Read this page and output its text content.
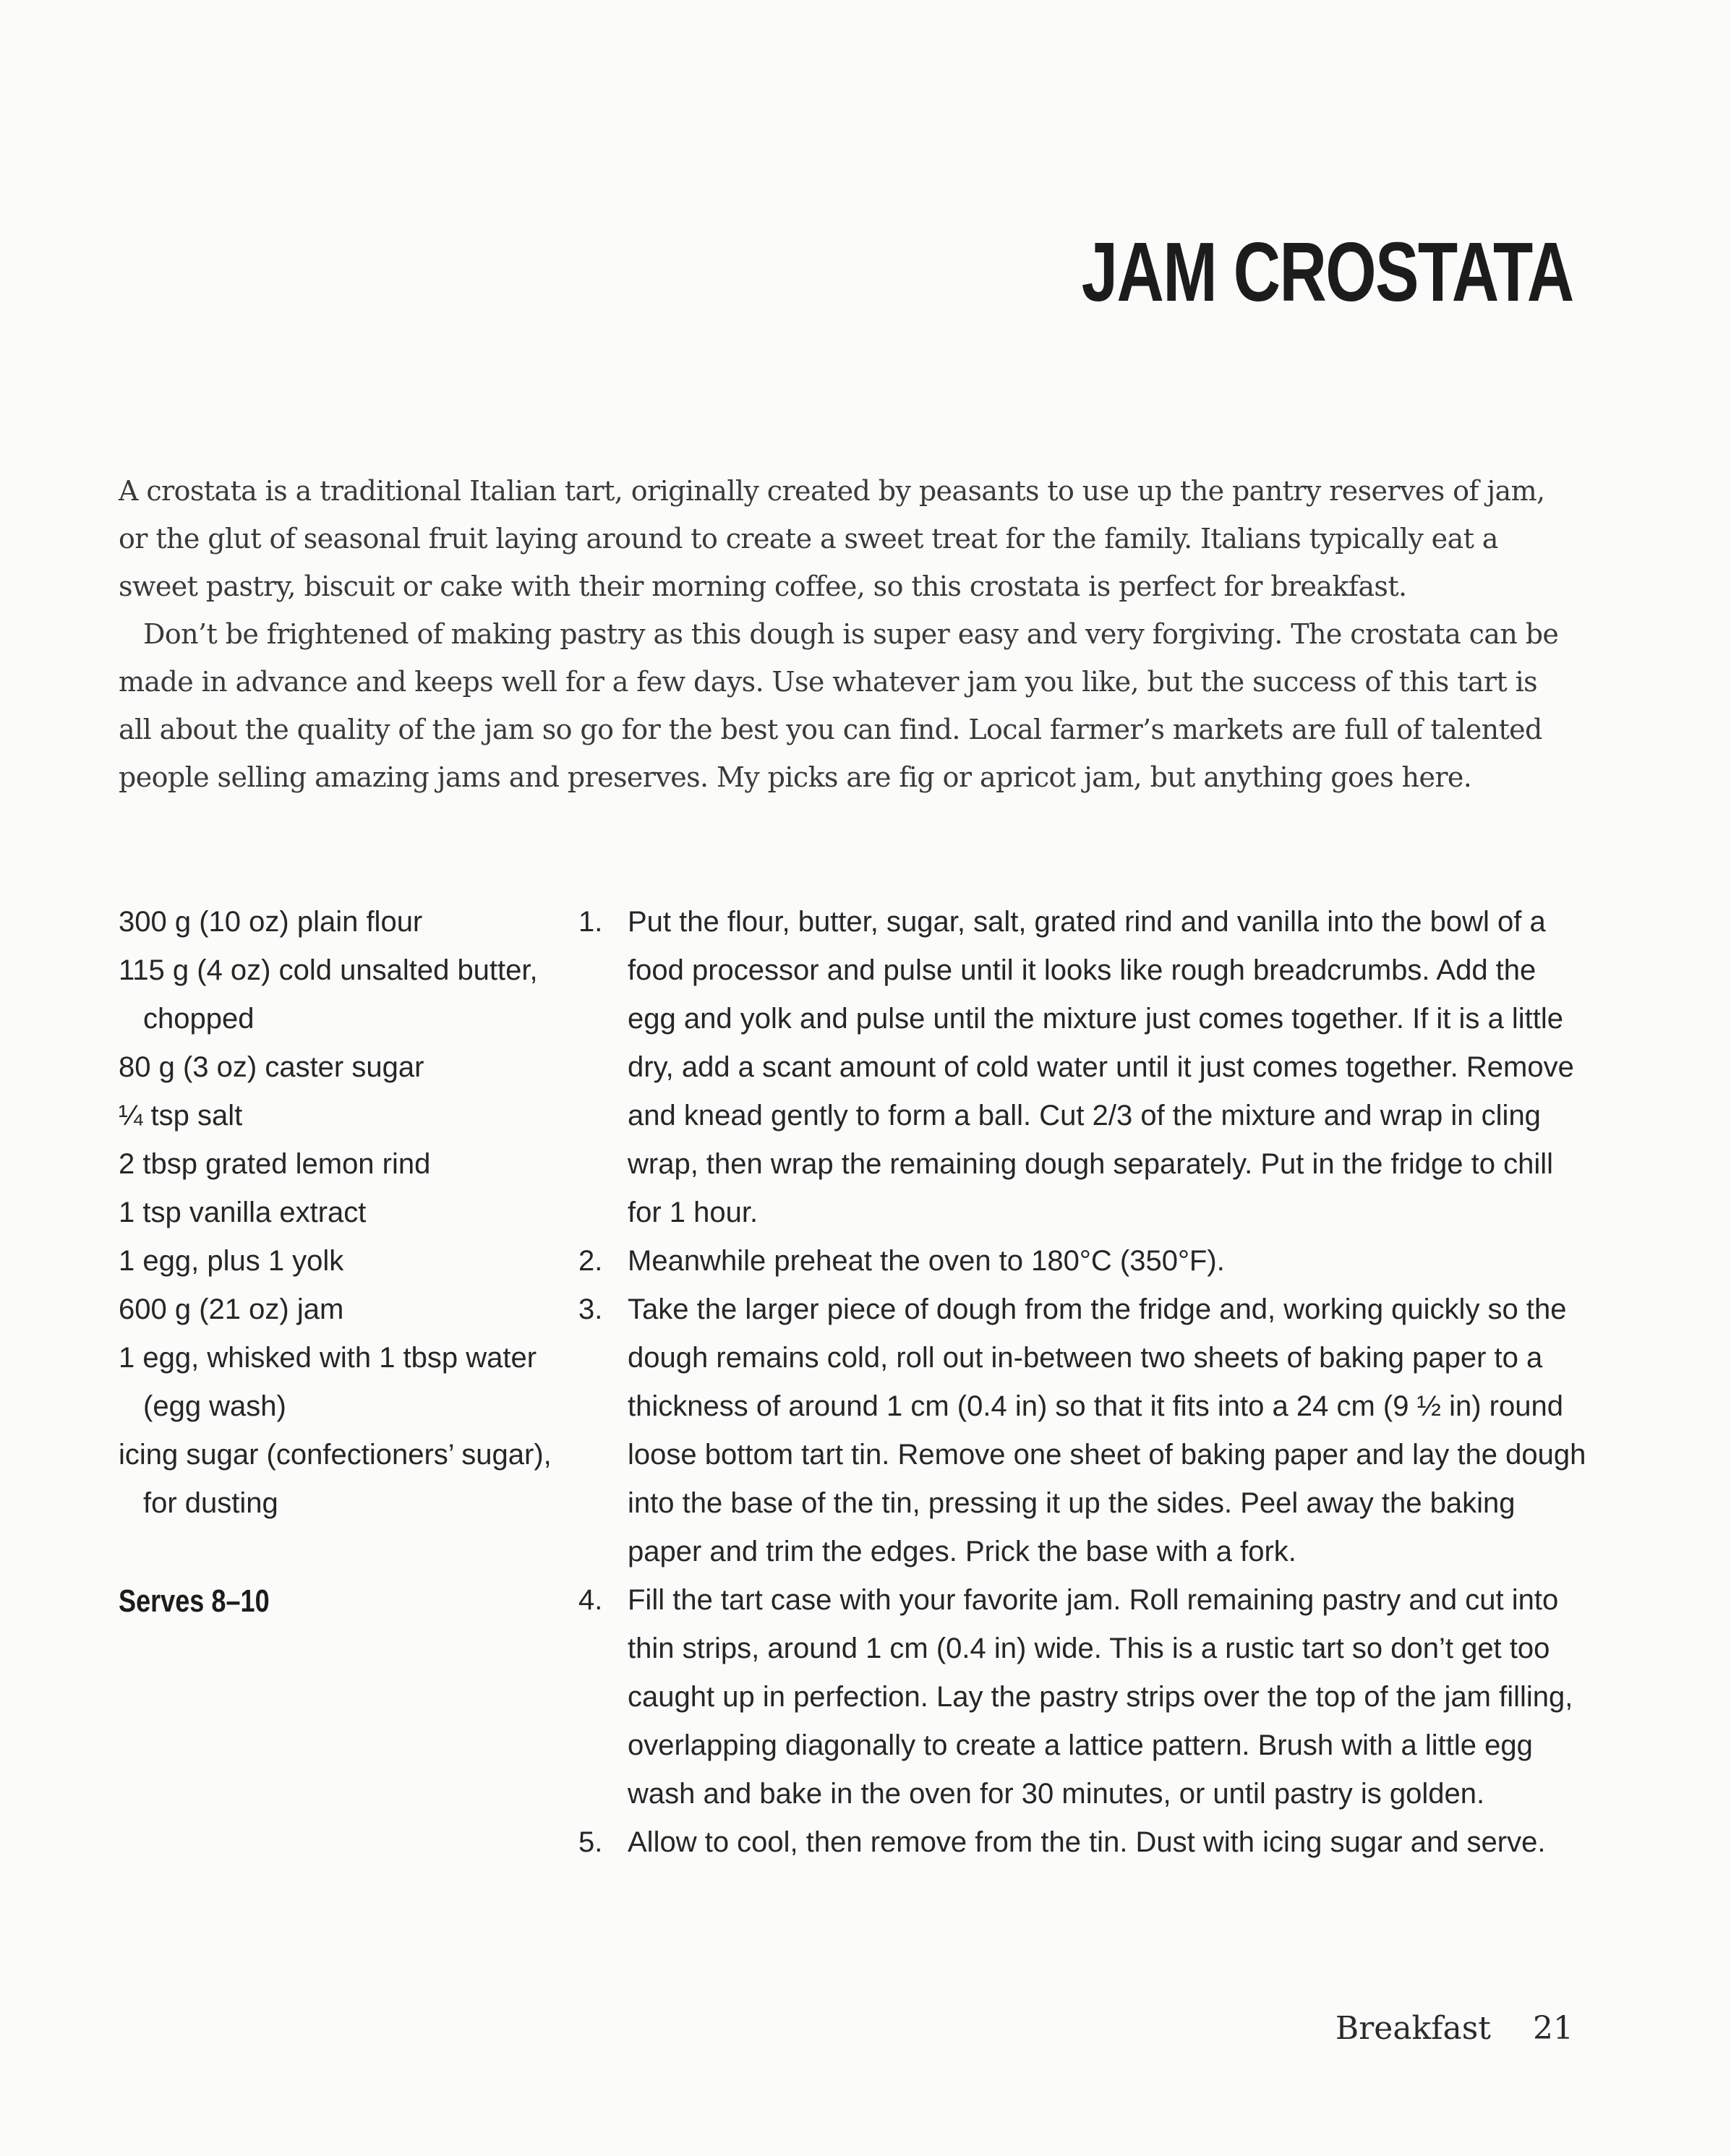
JAM CROSTATA

A crostata is a traditional Italian tart, originally created by peasants to use up the pantry reserves of jam, or the glut of seasonal fruit laying around to create a sweet treat for the family. Italians typically eat a sweet pastry, biscuit or cake with their morning coffee, so this crostata is perfect for breakfast.

Don’t be frightened of making pastry as this dough is super easy and very forgiving. The crostata can be made in advance and keeps well for a few days. Use whatever jam you like, but the success of this tart is all about the quality of the jam so go for the best you can find. Local farmer’s markets are full of talented people selling amazing jams and preserves. My picks are fig or apricot jam, but anything goes here.

300 g (10 oz) plain flour
115 g (4 oz) cold unsalted butter, chopped
80 g (3 oz) caster sugar
¼ tsp salt
2 tbsp grated lemon rind
1 tsp vanilla extract
1 egg, plus 1 yolk
600 g (21 oz) jam
1 egg, whisked with 1 tbsp water (egg wash)
icing sugar (confectioners’ sugar), for dusting
Serves 8–10
1. Put the flour, butter, sugar, salt, grated rind and vanilla into the bowl of a food processor and pulse until it looks like rough breadcrumbs. Add the egg and yolk and pulse until the mixture just comes together. If it is a little dry, add a scant amount of cold water until it just comes together. Remove and knead gently to form a ball. Cut 2/3 of the mixture and wrap in cling wrap, then wrap the remaining dough separately. Put in the fridge to chill for 1 hour.
2. Meanwhile preheat the oven to 180°C (350°F).
3. Take the larger piece of dough from the fridge and, working quickly so the dough remains cold, roll out in-between two sheets of baking paper to a thickness of around 1 cm (0.4 in) so that it fits into a 24 cm (9 ½ in) round loose bottom tart tin. Remove one sheet of baking paper and lay the dough into the base of the tin, pressing it up the sides. Peel away the baking paper and trim the edges. Prick the base with a fork.
4. Fill the tart case with your favorite jam. Roll remaining pastry and cut into thin strips, around 1 cm (0.4 in) wide. This is a rustic tart so don’t get too caught up in perfection. Lay the pastry strips over the top of the jam filling, overlapping diagonally to create a lattice pattern. Brush with a little egg wash and bake in the oven for 30 minutes, or until pastry is golden.
5. Allow to cool, then remove from the tin. Dust with icing sugar and serve.
Breakfast 21
